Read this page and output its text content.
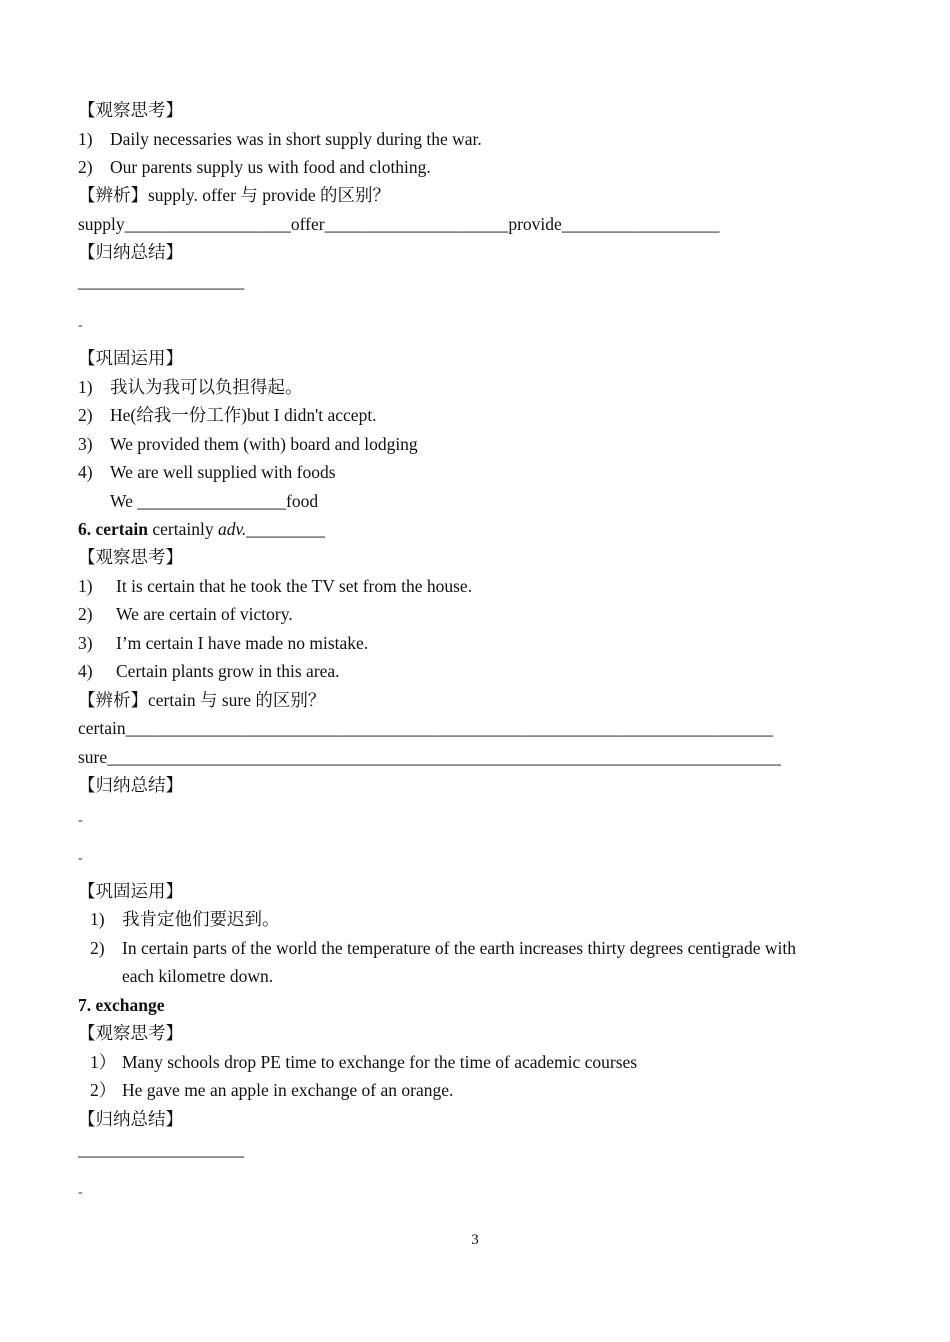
【观察思考】
1) Daily necessaries was in short supply during the war.
2) Our parents supply us with food and clothing.
【辨析】supply. offer 与 provide 的区别？
supply___________________offer_____________________provide__________________
【归纳总结】
___________________
-
【巩固运用】
1) 我认为我可以负担得起。
2) He(给我一份工作)but I didn't accept.
3) We provided them (with) board and lodging
4) We are well supplied with foods
We _________________food
6. certain certainly adv._________
【观察思考】
1) It is certain that he took the TV set from the house.
2) We are certain of victory.
3) I’m certain I have made no mistake.
4) Certain plants grow in this area.
【辨析】certain 与 sure 的区别？
certain__________________________________________________________________________
sure_____________________________________________________________________________
【归纳总结】
-
-
【巩固运用】
1) 我肯定他们要迟到。
2) In certain parts of the world the temperature of the earth increases thirty degrees centigrade with
each kilometre down.
7. exchange
【观察思考】
1） Many schools drop PE time to exchange for the time of academic courses
2） He gave me an apple in exchange of an orange.
【归纳总结】
___________________
-
3
